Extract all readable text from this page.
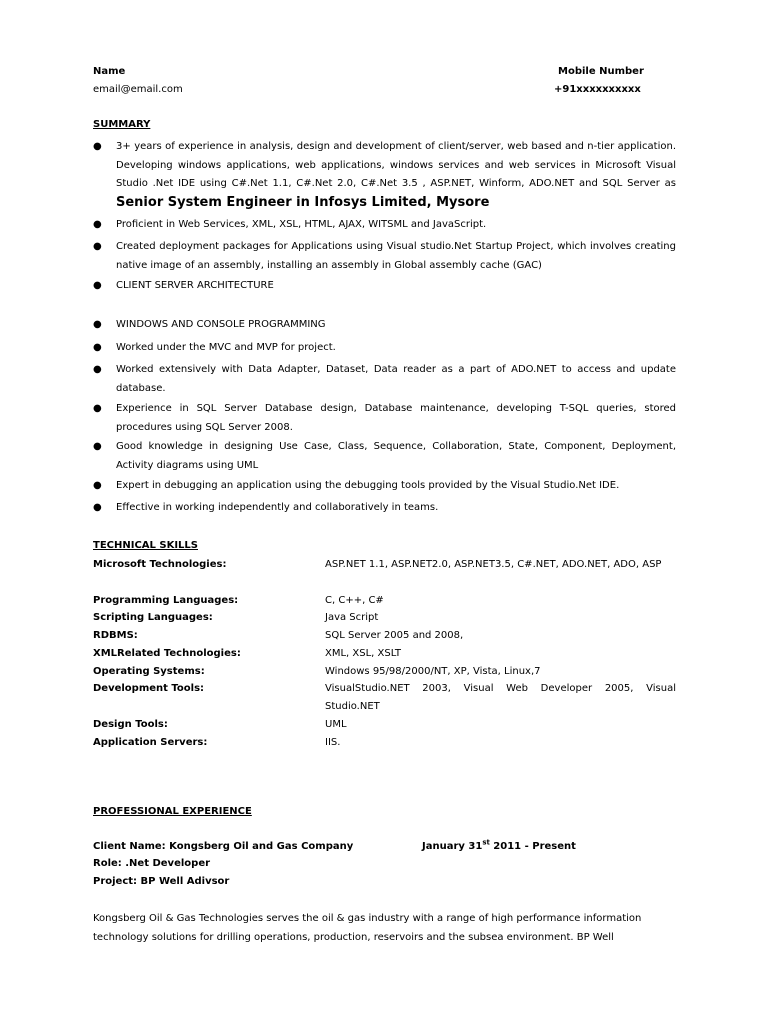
Name	Mobile Number
email@email.com	+91xxxxxxxxxx
SUMMARY
● 3+ years of experience in analysis, design and development of client/server, web based and n-tier application. Developing windows applications, web applications, windows services and web services in Microsoft Visual Studio .Net IDE using C#.Net 1.1, C#.Net 2.0, C#.Net 3.5 , ASP.NET, Winform, ADO.NET and SQL Server as Senior System Engineer in Infosys Limited, Mysore
● Proficient in Web Services, XML, XSL, HTML, AJAX, WITSML and JavaScript.
● Created deployment packages for Applications using Visual studio.Net Startup Project, which involves creating native image of an assembly, installing an assembly in Global assembly cache (GAC)
● CLIENT SERVER ARCHITECTURE
● WINDOWS AND CONSOLE PROGRAMMING
● Worked under the MVC and MVP for project.
● Worked extensively with Data Adapter, Dataset, Data reader as a part of ADO.NET to access and update database.
● Experience in SQL Server Database design, Database maintenance, developing T-SQL queries, stored procedures using SQL Server 2008.
● Good knowledge in designing Use Case, Class, Sequence, Collaboration, State, Component, Deployment, Activity diagrams using UML
● Expert in debugging an application using the debugging tools provided by the Visual Studio.Net IDE.
● Effective in working independently and collaboratively in teams.
TECHNICAL SKILLS
Microsoft Technologies:	ASP.NET 1.1, ASP.NET2.0, ASP.NET3.5, C#.NET, ADO.NET, ADO, ASP
Programming Languages:	C, C++, C#
Scripting Languages:	Java Script
RDBMS:	SQL Server 2005 and 2008,
XMLRelated Technologies:	XML, XSL, XSLT
Operating Systems:	Windows 95/98/2000/NT, XP, Vista, Linux,7
Development Tools:	VisualStudio.NET 2003, Visual Web Developer 2005, Visual Studio.NET
Design Tools:	UML
Application Servers:	IIS.
PROFESSIONAL EXPERIENCE
Client Name: Kongsberg Oil and Gas Company	January 31st 2011 - Present
Role: .Net Developer
Project: BP Well Adivsor
Kongsberg Oil & Gas Technologies serves the oil & gas industry with a range of high performance information technology solutions for drilling operations, production, reservoirs and the subsea environment. BP Well
